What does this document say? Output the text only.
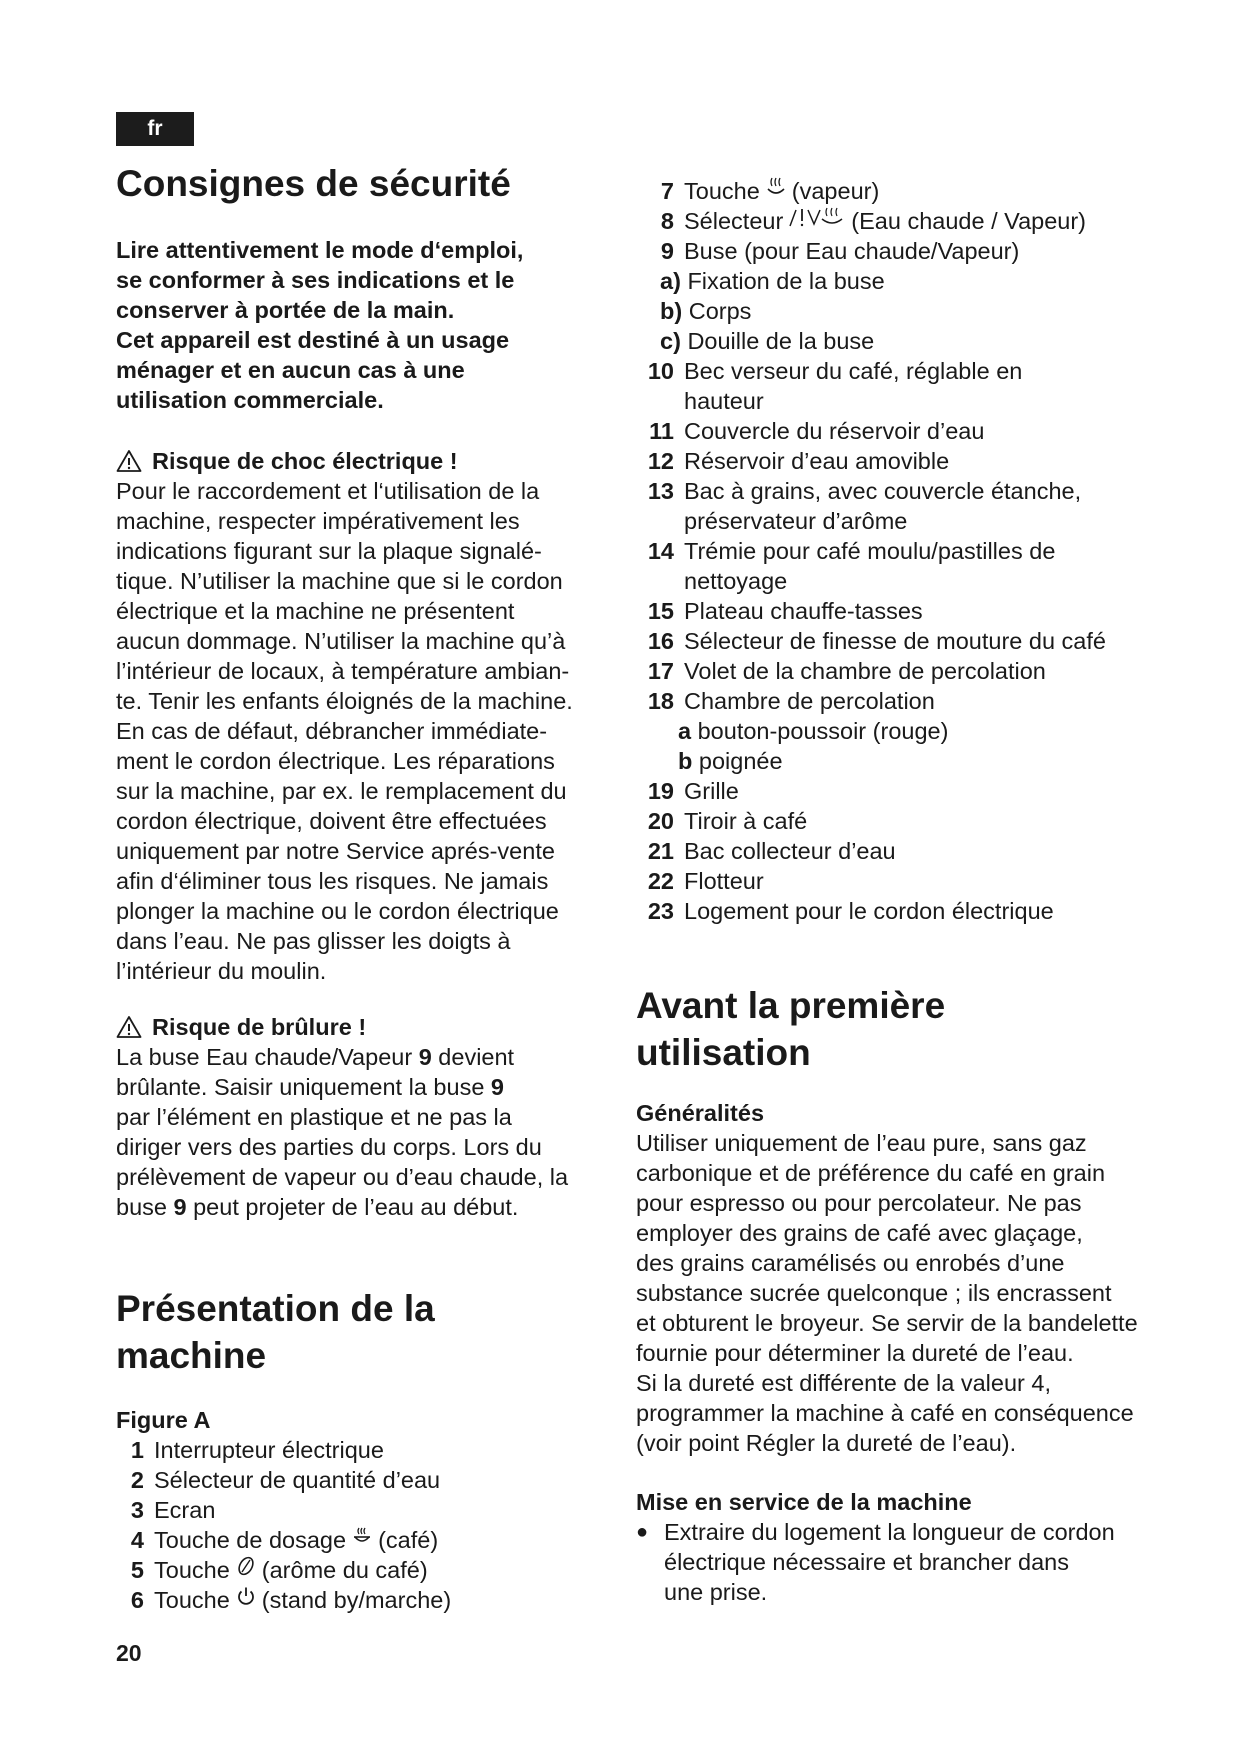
fr
Consignes de sécurité
Lire attentivement le mode d‘emploi,
se conformer à ses indications et le
conserver à portée de la main.
Cet appareil est destiné à un usage
ménager et en aucun cas à une
utilisation commerciale.
Risque de choc électrique !
Pour le raccordement et l‘utilisation de la
machine, respecter impérativement les
indications figurant sur la plaque signalé-
tique. N’utiliser la machine que si le cordon
électrique et la machine ne présentent
aucun dommage. N’utiliser la machine qu’à
l’intérieur de locaux, à température ambian-
te. Tenir les enfants éloignés de la machine.
En cas de défaut, débrancher immédiate-
ment le cordon électrique. Les réparations
sur la machine, par ex. le remplacement du
cordon électrique, doivent être effectuées
uniquement par notre Service aprés-vente
afin d‘éliminer tous les risques. Ne jamais
plonger la machine ou le cordon électrique
dans l’eau. Ne pas glisser les doigts à
l’intérieur du moulin.
Risque de brûlure !
La buse Eau chaude/Vapeur 9 devient
brûlante. Saisir uniquement la buse 9
par l’élément en plastique et ne pas la
diriger vers des parties du corps. Lors du
prélèvement de vapeur ou d’eau chaude, la
buse 9 peut projeter de l’eau au début.
Présentation de la
machine
Figure A
1 Interrupteur électrique
2 Sélecteur de quantité d’eau
3 Ecran
4 Touche de dosage (café)
5 Touche (arôme du café)
6 Touche (stand by/marche)
7 Touche (vapeur)
8 Sélecteur	(Eau chaude / Vapeur)
9 Buse (pour Eau chaude/Vapeur)
a)
Fixation de la buse
b)
Corps
c)
Douille de la buse
10 Bec verseur du café, réglable en
hauteur
11 Couvercle du réservoir d’eau
12 Réservoir d’eau amovible
13 Bac à grains, avec couvercle étanche,
préservateur d’arôme
14 Trémie pour café moulu/pastilles de
nettoyage
15 Plateau chauffe-tasses
16 Sélecteur de finesse de mouture du café
17 Volet de la chambre de percolation
18 Chambre de percolation
a
bouton-poussoir (rouge)
b
poignée
19 Grille
20 Tiroir à café
21 Bac collecteur d’eau
22 Flotteur
23 Logement pour le cordon électrique
Avant la première
utilisation
Généralités
Utiliser uniquement de l’eau pure, sans gaz
carbonique et de préférence du café en grain
pour espresso ou pour percolateur. Ne pas
employer des grains de café avec glaçage,
des grains caramélisés ou enrobés d’une
substance sucrée quelconque ; ils encrassent
et obturent le broyeur. Se servir de la bandelette
fournie pour déterminer la dureté de l’eau.
Si la dureté est différente de la valeur 4,
programmer la machine à café en conséquence
(voir point Régler la dureté de l’eau).
Mise en service de la machine
● Extraire du logement la longueur de cordon
électrique nécessaire et brancher dans
une prise.
20
